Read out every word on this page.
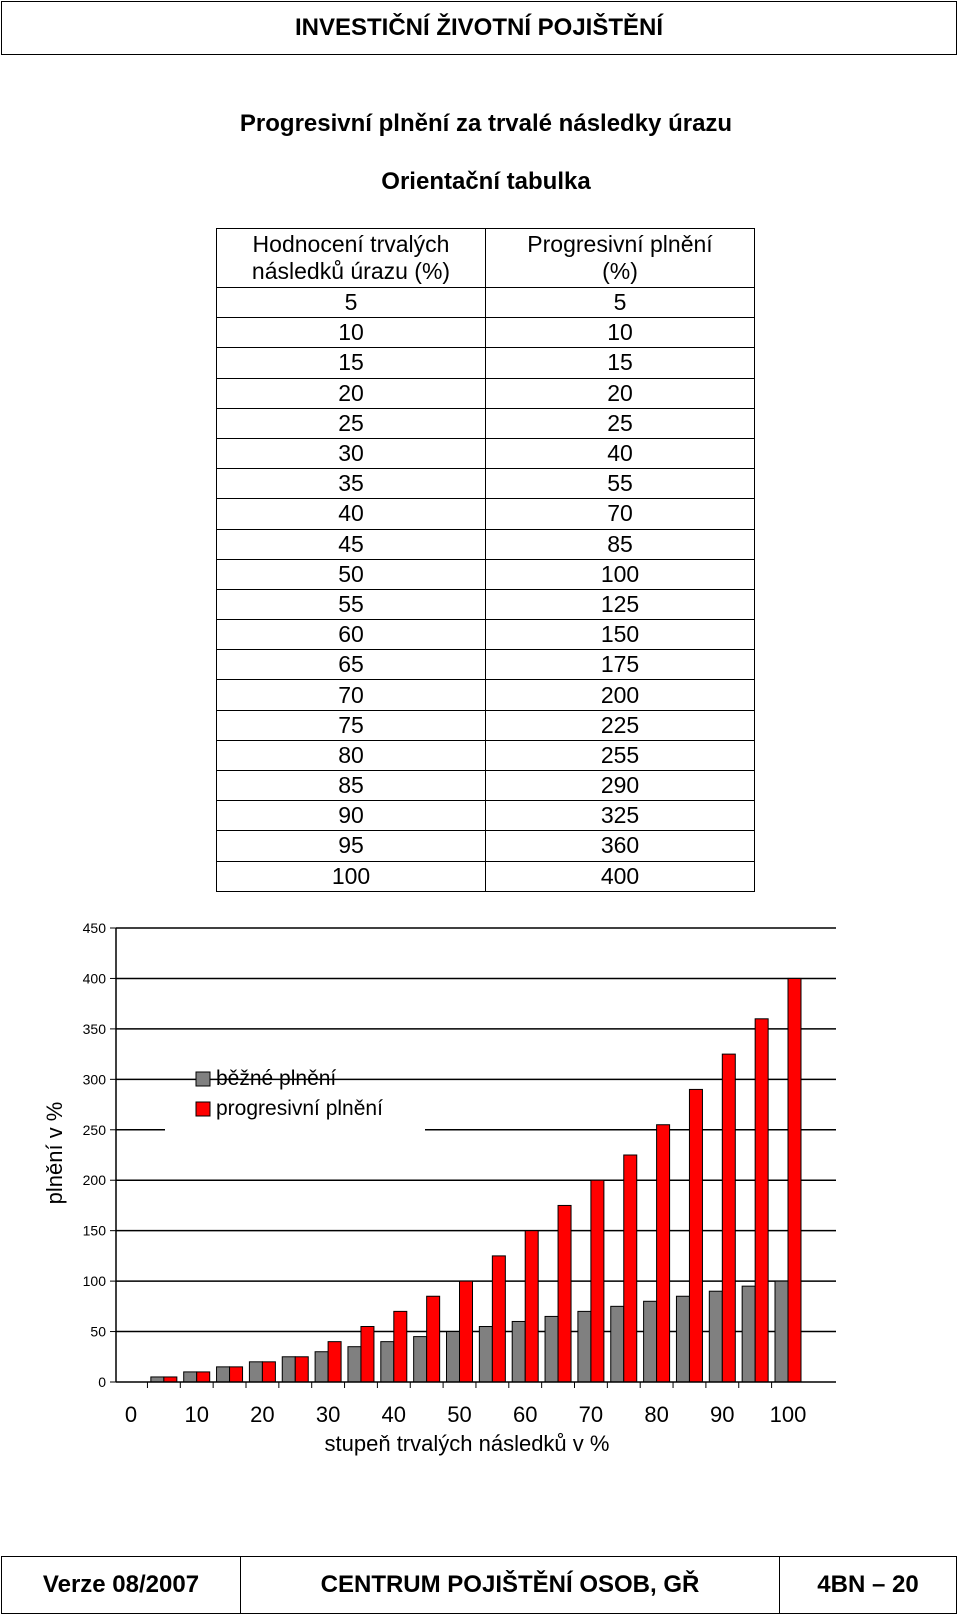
INVESTIČNÍ ŽIVOTNÍ POJIŠTĚNÍ
Progresivní plnění za trvalé následky úrazu
Orientační tabulka
Hodnocení trvalých
následků úrazu (%)	Progresivní plnění
(%)
5	5
10	10
15	15
20	20
25	25
30	40
35	55
40	70
45	85
50	100
55	125
60	150
65	175
70	200
75	225
80	255
85	290
90	325
95	360
100	400
0
50
100
150
200
250
300
350
400
450
0 10 20 30 40 50 60 70 80 90 100
stupeň trvalých následků v %
plnění v %
běžné plnění
progresivní plnění
Verze 08/2007	CENTRUM POJIŠTĚNÍ OSOB, GŘ	4BN – 20
